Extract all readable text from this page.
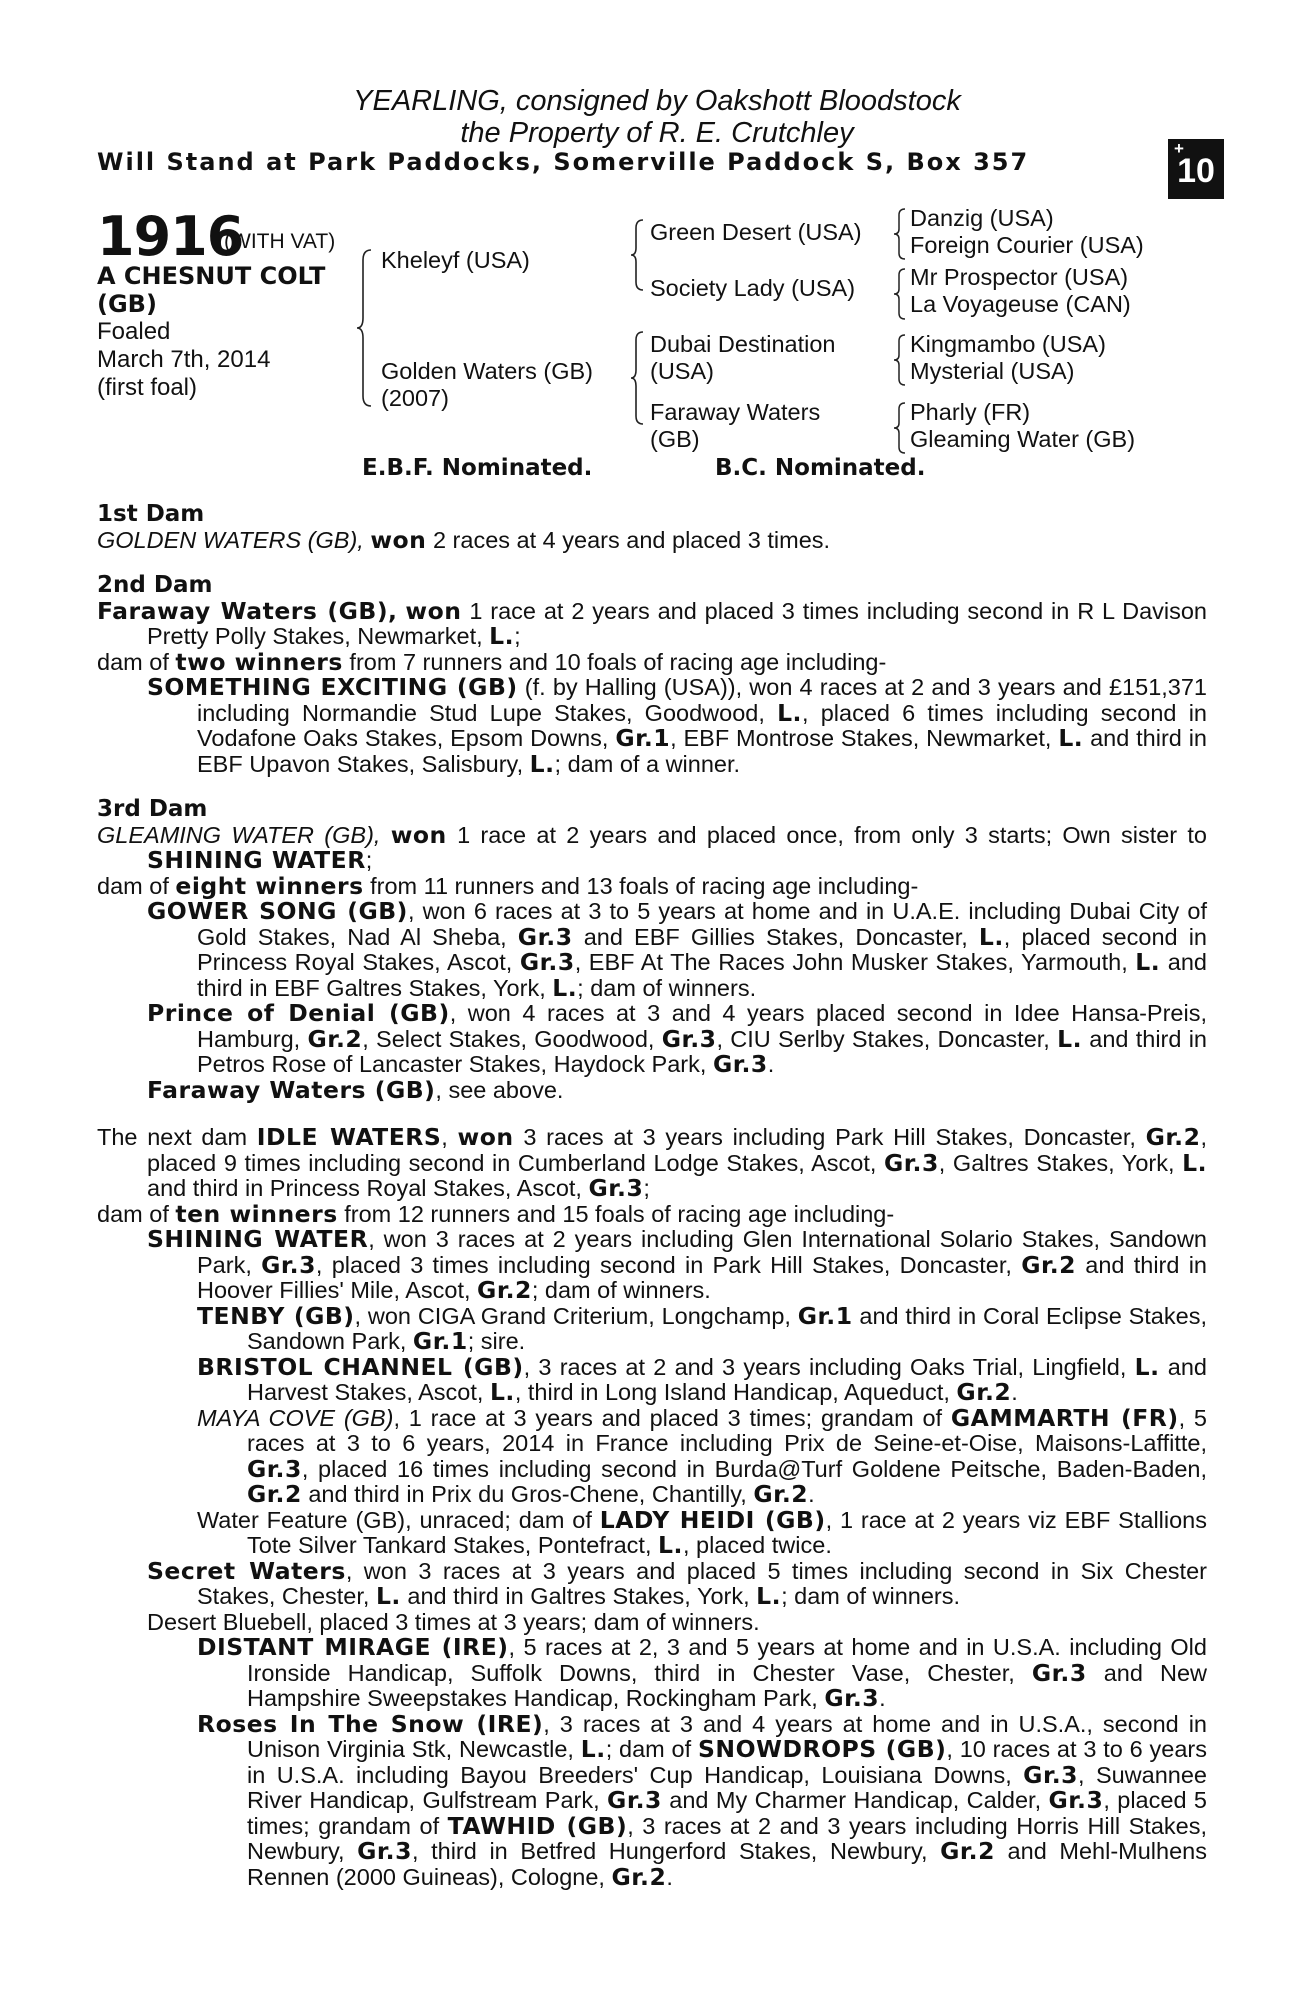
YEARLING, consigned by Oakshott Bloodstock
the Property of R. E. Crutchley
Will Stand at Park Paddocks, Somerville Paddock S, Box 357	+
10
1916
(WITH VAT)
A CHESNUT COLT
(GB)
Foaled
March 7th, 2014
(first foal)
Kheleyf (USA)
Golden Waters (GB)
(2007)
Green Desert (USA)
Society Lady (USA)
Dubai Destination
(USA)
Faraway Waters
(GB)
Danzig (USA)
Foreign Courier (USA)
Mr Prospector (USA)
La Voyageuse (CAN)
Kingmambo (USA)
Mysterial (USA)
Pharly (FR)
Gleaming Water (GB)
E.B.F. Nominated.	B.C. Nominated.
1st Dam

GOLDEN WATERS (GB), won 2 races at 4 years and placed 3 times.

2nd Dam

Faraway Waters (GB), won 1 race at 2 years and placed 3 times including second in R L Davison Pretty Polly Stakes, Newmarket, L.;

dam of two winners from 7 runners and 10 foals of racing age including-

SOMETHING EXCITING (GB) (f. by Halling (USA)), won 4 races at 2 and 3 years and £151,371 including Normandie Stud Lupe Stakes, Goodwood, L., placed 6 times including second in Vodafone Oaks Stakes, Epsom Downs, Gr.1, EBF Montrose Stakes, Newmarket, L. and third in EBF Upavon Stakes, Salisbury, L.; dam of a winner.

3rd Dam

GLEAMING WATER (GB), won 1 race at 2 years and placed once, from only 3 starts; Own sister to SHINING WATER;

dam of eight winners from 11 runners and 13 foals of racing age including-

GOWER SONG (GB), won 6 races at 3 to 5 years at home and in U.A.E. including Dubai City of Gold Stakes, Nad Al Sheba, Gr.3 and EBF Gillies Stakes, Doncaster, L., placed second in Princess Royal Stakes, Ascot, Gr.3, EBF At The Races John Musker Stakes, Yarmouth, L. and third in EBF Galtres Stakes, York, L.; dam of winners.

Prince of Denial (GB), won 4 races at 3 and 4 years placed second in Idee Hansa-Preis, Hamburg, Gr.2, Select Stakes, Goodwood, Gr.3, CIU Serlby Stakes, Doncaster, L. and third in Petros Rose of Lancaster Stakes, Haydock Park, Gr.3.

Faraway Waters (GB), see above.

The next dam IDLE WATERS, won 3 races at 3 years including Park Hill Stakes, Doncaster, Gr.2, placed 9 times including second in Cumberland Lodge Stakes, Ascot, Gr.3, Galtres Stakes, York, L. and third in Princess Royal Stakes, Ascot, Gr.3;

dam of ten winners from 12 runners and 15 foals of racing age including-

SHINING WATER, won 3 races at 2 years including Glen International Solario Stakes, Sandown Park, Gr.3, placed 3 times including second in Park Hill Stakes, Doncaster, Gr.2 and third in Hoover Fillies' Mile, Ascot, Gr.2; dam of winners.

TENBY (GB), won CIGA Grand Criterium, Longchamp, Gr.1 and third in Coral Eclipse Stakes, Sandown Park, Gr.1; sire.

BRISTOL CHANNEL (GB), 3 races at 2 and 3 years including Oaks Trial, Lingfield, L. and Harvest Stakes, Ascot, L., third in Long Island Handicap, Aqueduct, Gr.2.

MAYA COVE (GB), 1 race at 3 years and placed 3 times; grandam of GAMMARTH (FR), 5 races at 3 to 6 years, 2014 in France including Prix de Seine-et-Oise, Maisons-Laffitte, Gr.3, placed 16 times including second in Burda@Turf Goldene Peitsche, Baden-Baden, Gr.2 and third in Prix du Gros-Chene, Chantilly, Gr.2.

Water Feature (GB), unraced; dam of LADY HEIDI (GB), 1 race at 2 years viz EBF Stallions Tote Silver Tankard Stakes, Pontefract, L., placed twice.

Secret Waters, won 3 races at 3 years and placed 5 times including second in Six Chester Stakes, Chester, L. and third in Galtres Stakes, York, L.; dam of winners.

Desert Bluebell, placed 3 times at 3 years; dam of winners.

DISTANT MIRAGE (IRE), 5 races at 2, 3 and 5 years at home and in U.S.A. including Old Ironside Handicap, Suffolk Downs, third in Chester Vase, Chester, Gr.3 and New Hampshire Sweepstakes Handicap, Rockingham Park, Gr.3.

Roses In The Snow (IRE), 3 races at 3 and 4 years at home and in U.S.A., second in Unison Virginia Stk, Newcastle, L.; dam of SNOWDROPS (GB), 10 races at 3 to 6 years in U.S.A. including Bayou Breeders' Cup Handicap, Louisiana Downs, Gr.3, Suwannee River Handicap, Gulfstream Park, Gr.3 and My Charmer Handicap, Calder, Gr.3, placed 5 times; grandam of TAWHID (GB), 3 races at 2 and 3 years including Horris Hill Stakes, Newbury, Gr.3, third in Betfred Hungerford Stakes, Newbury, Gr.2 and Mehl-Mulhens Rennen (2000 Guineas), Cologne, Gr.2.
